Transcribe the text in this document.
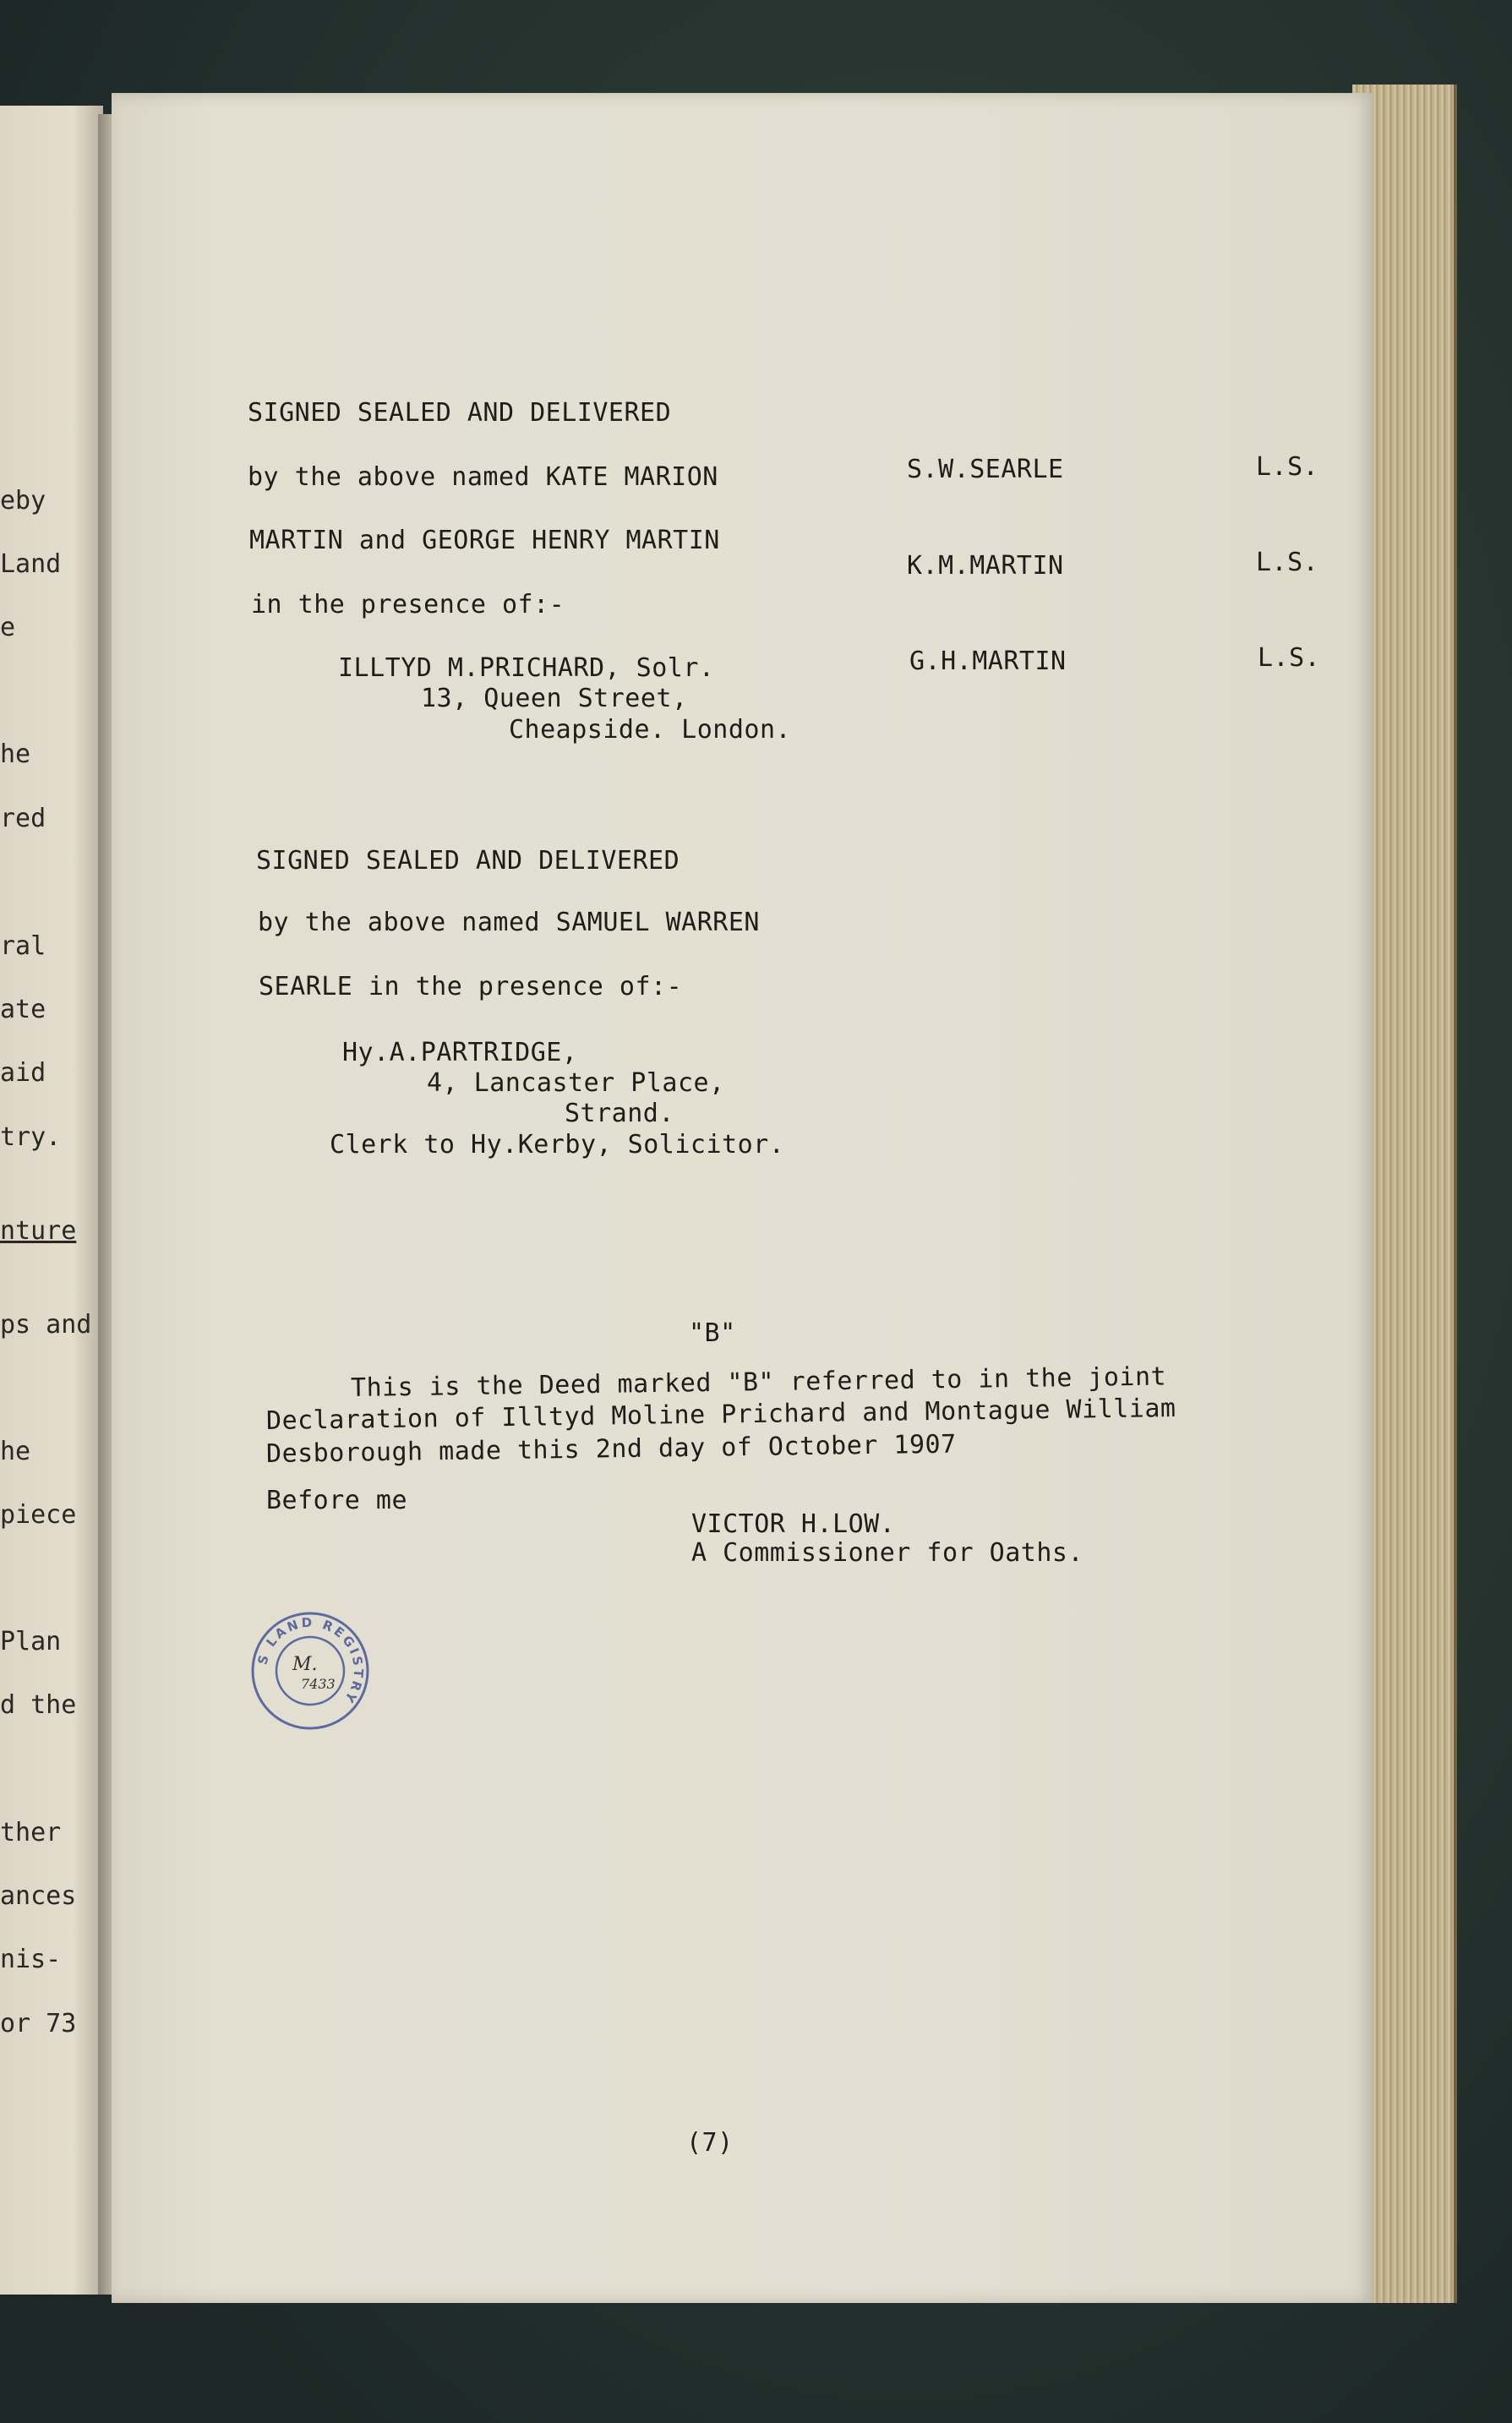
eby
Land
e
he
red
ral
ate
aid
try.
nture
ps and
he
piece
Plan
d the
ther
ances
nis-
or 73
SIGNED SEALED AND DELIVERED
by the above named KATE MARION
MARTIN and GEORGE HENRY MARTIN
in the presence of:-
ILLTYD M.PRICHARD, Solr.
13, Queen Street,
Cheapside. London.
S.W.SEARLE	L.S.
K.M.MARTIN	L.S.
G.H.MARTIN	L.S.
SIGNED SEALED AND DELIVERED
by the above named SAMUEL WARREN
SEARLE in the presence of:-
Hy.A.PARTRIDGE,
4, Lancaster Place,
Strand.
Clerk to Hy.Kerby, Solicitor.
"B"
This is the Deed marked "B" referred to in the joint
Declaration of Illtyd Moline Prichard and Montague William
Desborough made this 2nd day of October 1907
Before me
VICTOR H.LOW.
A Commissioner for Oaths.
S LAND REGISTRY
M.
7433
(7)
